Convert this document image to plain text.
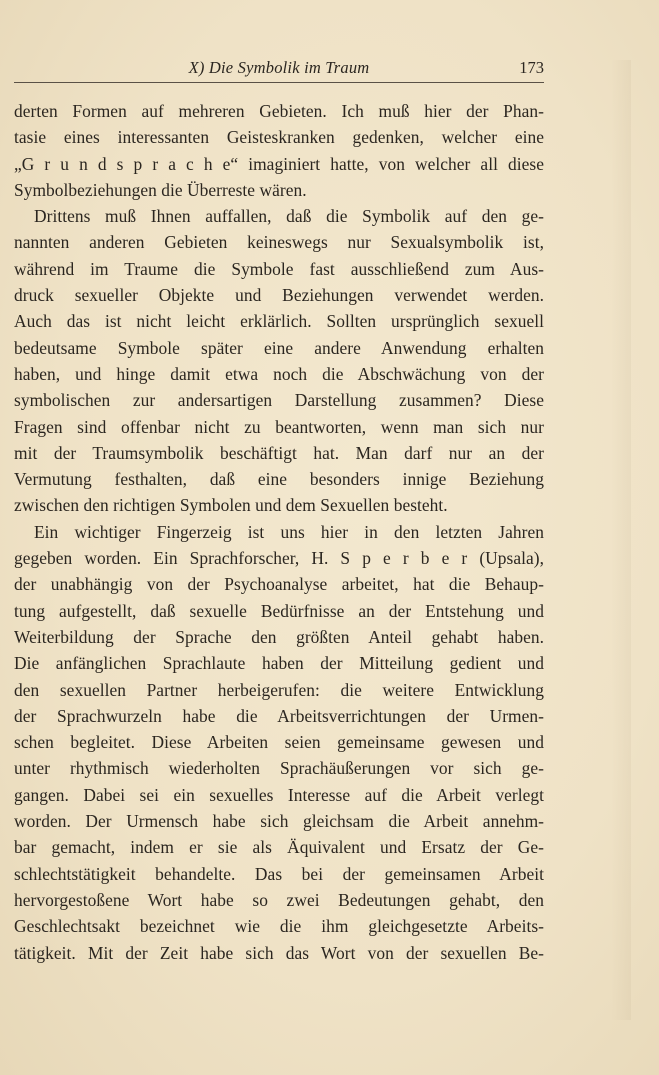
X) Die Symbolik im Traum	173
derten Formen auf mehreren Gebieten. Ich muß hier der Phan-
tasie eines interessanten Geisteskranken gedenken, welcher eine
„G r u n d s p r a c h e“ imaginiert hatte, von welcher all diese
Symbolbeziehungen die Überreste wären.
Drittens muß Ihnen auffallen, daß die Symbolik auf den ge-
nannten anderen Gebieten keineswegs nur Sexualsymbolik ist,
während im Traume die Symbole fast ausschließend zum Aus-
druck sexueller Objekte und Beziehungen verwendet werden.
Auch das ist nicht leicht erklärlich. Sollten ursprünglich sexuell
bedeutsame Symbole später eine andere Anwendung erhalten
haben, und hinge damit etwa noch die Abschwächung von der
symbolischen zur andersartigen Darstellung zusammen? Diese
Fragen sind offenbar nicht zu beantworten, wenn man sich nur
mit der Traumsymbolik beschäftigt hat. Man darf nur an der
Vermutung festhalten, daß eine besonders innige Beziehung
zwischen den richtigen Symbolen und dem Sexuellen besteht.
Ein wichtiger Fingerzeig ist uns hier in den letzten Jahren
gegeben worden. Ein Sprachforscher, H. S p e r b e r (Upsala),
der unabhängig von der Psychoanalyse arbeitet, hat die Behaup-
tung aufgestellt, daß sexuelle Bedürfnisse an der Entstehung und
Weiterbildung der Sprache den größten Anteil gehabt haben.
Die anfänglichen Sprachlaute haben der Mitteilung gedient und
den sexuellen Partner herbeigerufen: die weitere Entwicklung
der Sprachwurzeln habe die Arbeitsverrichtungen der Urmen-
schen begleitet. Diese Arbeiten seien gemeinsame gewesen und
unter rhythmisch wiederholten Sprachäußerungen vor sich ge-
gangen. Dabei sei ein sexuelles Interesse auf die Arbeit verlegt
worden. Der Urmensch habe sich gleichsam die Arbeit annehm-
bar gemacht, indem er sie als Äquivalent und Ersatz der Ge-
schlechtstätigkeit behandelte. Das bei der gemeinsamen Arbeit
hervorgestoßene Wort habe so zwei Bedeutungen gehabt, den
Geschlechtsakt bezeichnet wie die ihm gleichgesetzte Arbeits-
tätigkeit. Mit der Zeit habe sich das Wort von der sexuellen Be-
